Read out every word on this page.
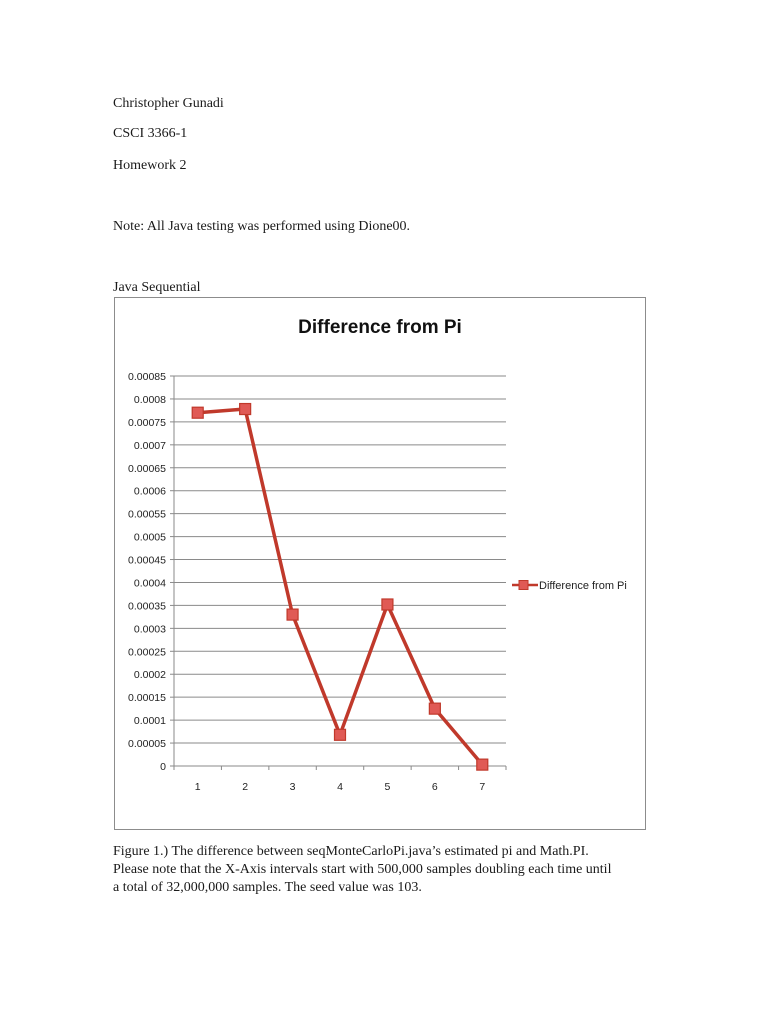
Christopher Gunadi
CSCI 3366-1
Homework 2
Note: All Java testing was performed using Dione00.
Java Sequential
0
0.00005
0.0001
0.00015
0.0002
0.00025
0.0003
0.00035
0.0004
0.00045
0.0005
0.00055
0.0006
0.00065
0.0007
0.00075
0.0008
0.00085
1	2	3	4	5	6	7
Difference from Pi
Difference from Pi

Figure 1.) The difference between seqMonteCarloPi.java’s estimated pi and Math.PI.

Please note that the X-Axis intervals start with 500,000 samples doubling each time until

a total of 32,000,000 samples. The seed value was 103.
